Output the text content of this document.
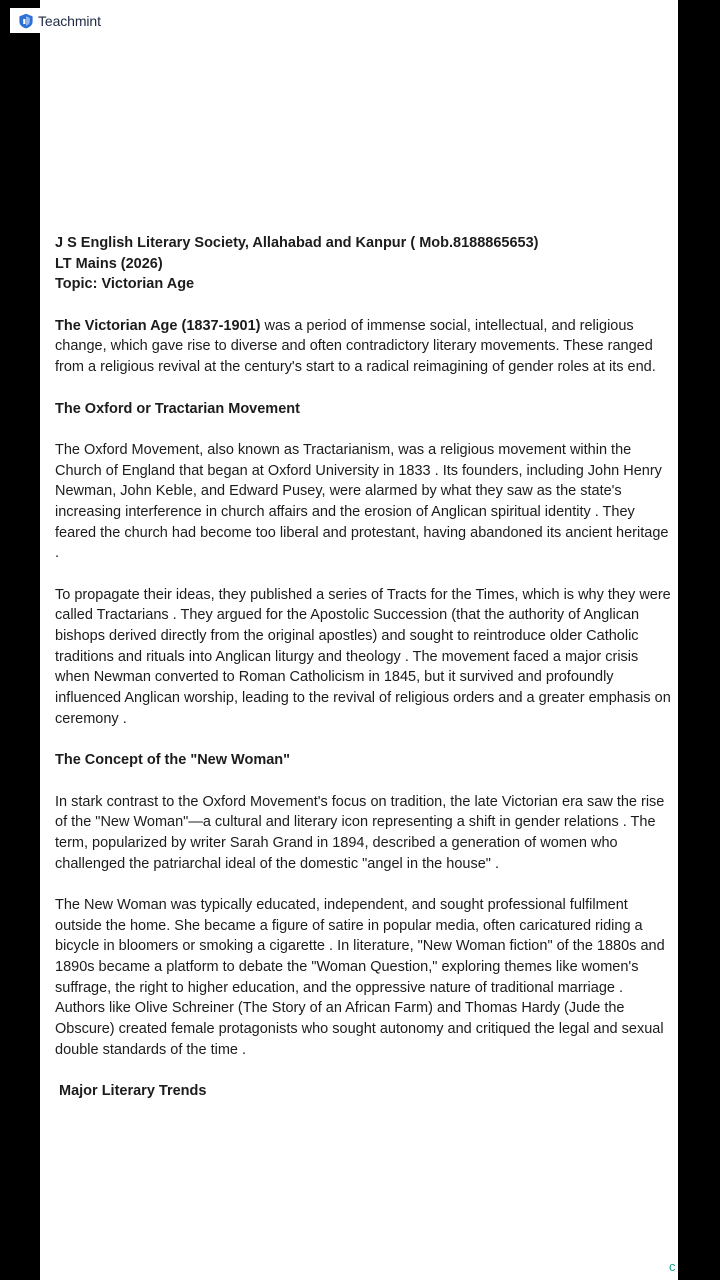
J S English Literary Society, Allahabad and Kanpur ( Mob.8188865653)
LT Mains (2026)
Topic: Victorian Age
The Victorian Age (1837-1901) was a period of immense social, intellectual, and religious
change, which gave rise to diverse and often contradictory literary movements. These ranged
from a religious revival at the century's start to a radical reimagining of gender roles at its end.
The Oxford or Tractarian Movement
The Oxford Movement, also known as Tractarianism, was a religious movement within the
Church of England that began at Oxford University in 1833 . Its founders, including John Henry
Newman, John Keble, and Edward Pusey, were alarmed by what they saw as the state's
increasing interference in church affairs and the erosion of Anglican spiritual identity . They
feared the church had become too liberal and protestant, having abandoned its ancient heritage
.
To propagate their ideas, they published a series of Tracts for the Times, which is why they were
called Tractarians . They argued for the Apostolic Succession (that the authority of Anglican
bishops derived directly from the original apostles) and sought to reintroduce older Catholic
traditions and rituals into Anglican liturgy and theology . The movement faced a major crisis
when Newman converted to Roman Catholicism in 1845, but it survived and profoundly
influenced Anglican worship, leading to the revival of religious orders and a greater emphasis on
ceremony .
The Concept of the "New Woman"
In stark contrast to the Oxford Movement's focus on tradition, the late Victorian era saw the rise
of the "New Woman"—a cultural and literary icon representing a shift in gender relations . The
term, popularized by writer Sarah Grand in 1894, described a generation of women who
challenged the patriarchal ideal of the domestic "angel in the house" .
The New Woman was typically educated, independent, and sought professional fulfilment
outside the home. She became a figure of satire in popular media, often caricatured riding a
bicycle in bloomers or smoking a cigarette . In literature, "New Woman fiction" of the 1880s and
1890s became a platform to debate the "Woman Question," exploring themes like women's
suffrage, the right to higher education, and the oppressive nature of traditional marriage .
Authors like Olive Schreiner (The Story of an African Farm) and Thomas Hardy (Jude the
Obscure) created female protagonists who sought autonomy and critiqued the legal and sexual
double standards of the time .
Major Literary Trends
Teachmint
c
